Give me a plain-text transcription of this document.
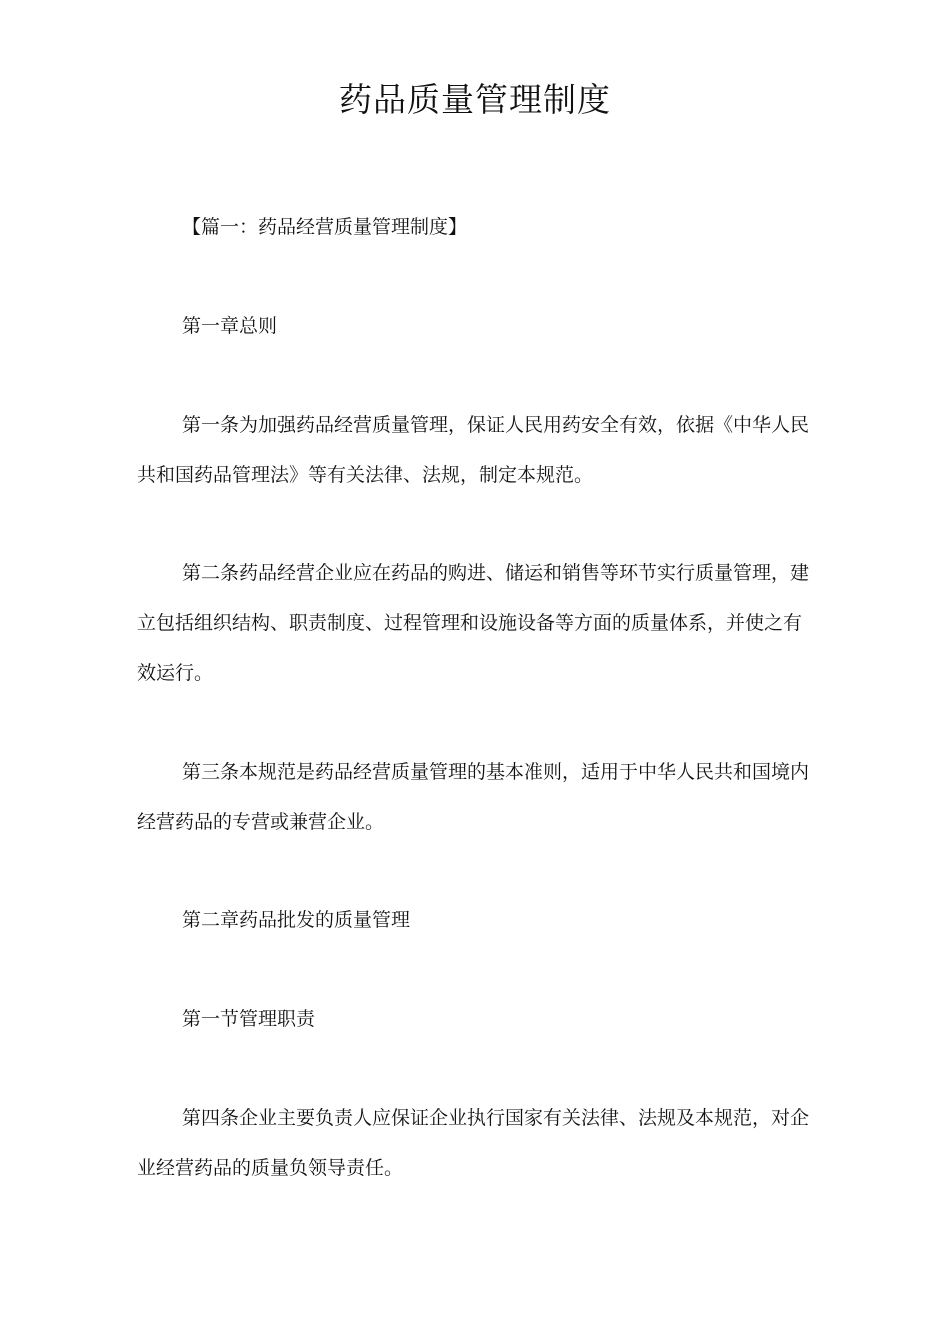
药品质量管理制度

【篇一：药品经营质量管理制度】

第一章总则

第一条为加强药品经营质量管理，保证人民用药安全有效，依据《中华人民共和国药品管理法》等有关法律、法规，制定本规范。

第二条药品经营企业应在药品的购进、储运和销售等环节实行质量管理，建立包括组织结构、职责制度、过程管理和设施设备等方面的质量体系，并使之有效运行。

第三条本规范是药品经营质量管理的基本准则，适用于中华人民共和国境内经营药品的专营或兼营企业。

第二章药品批发的质量管理

第一节管理职责

第四条企业主要负责人应保证企业执行国家有关法律、法规及本规范，对企业经营药品的质量负领导责任。
